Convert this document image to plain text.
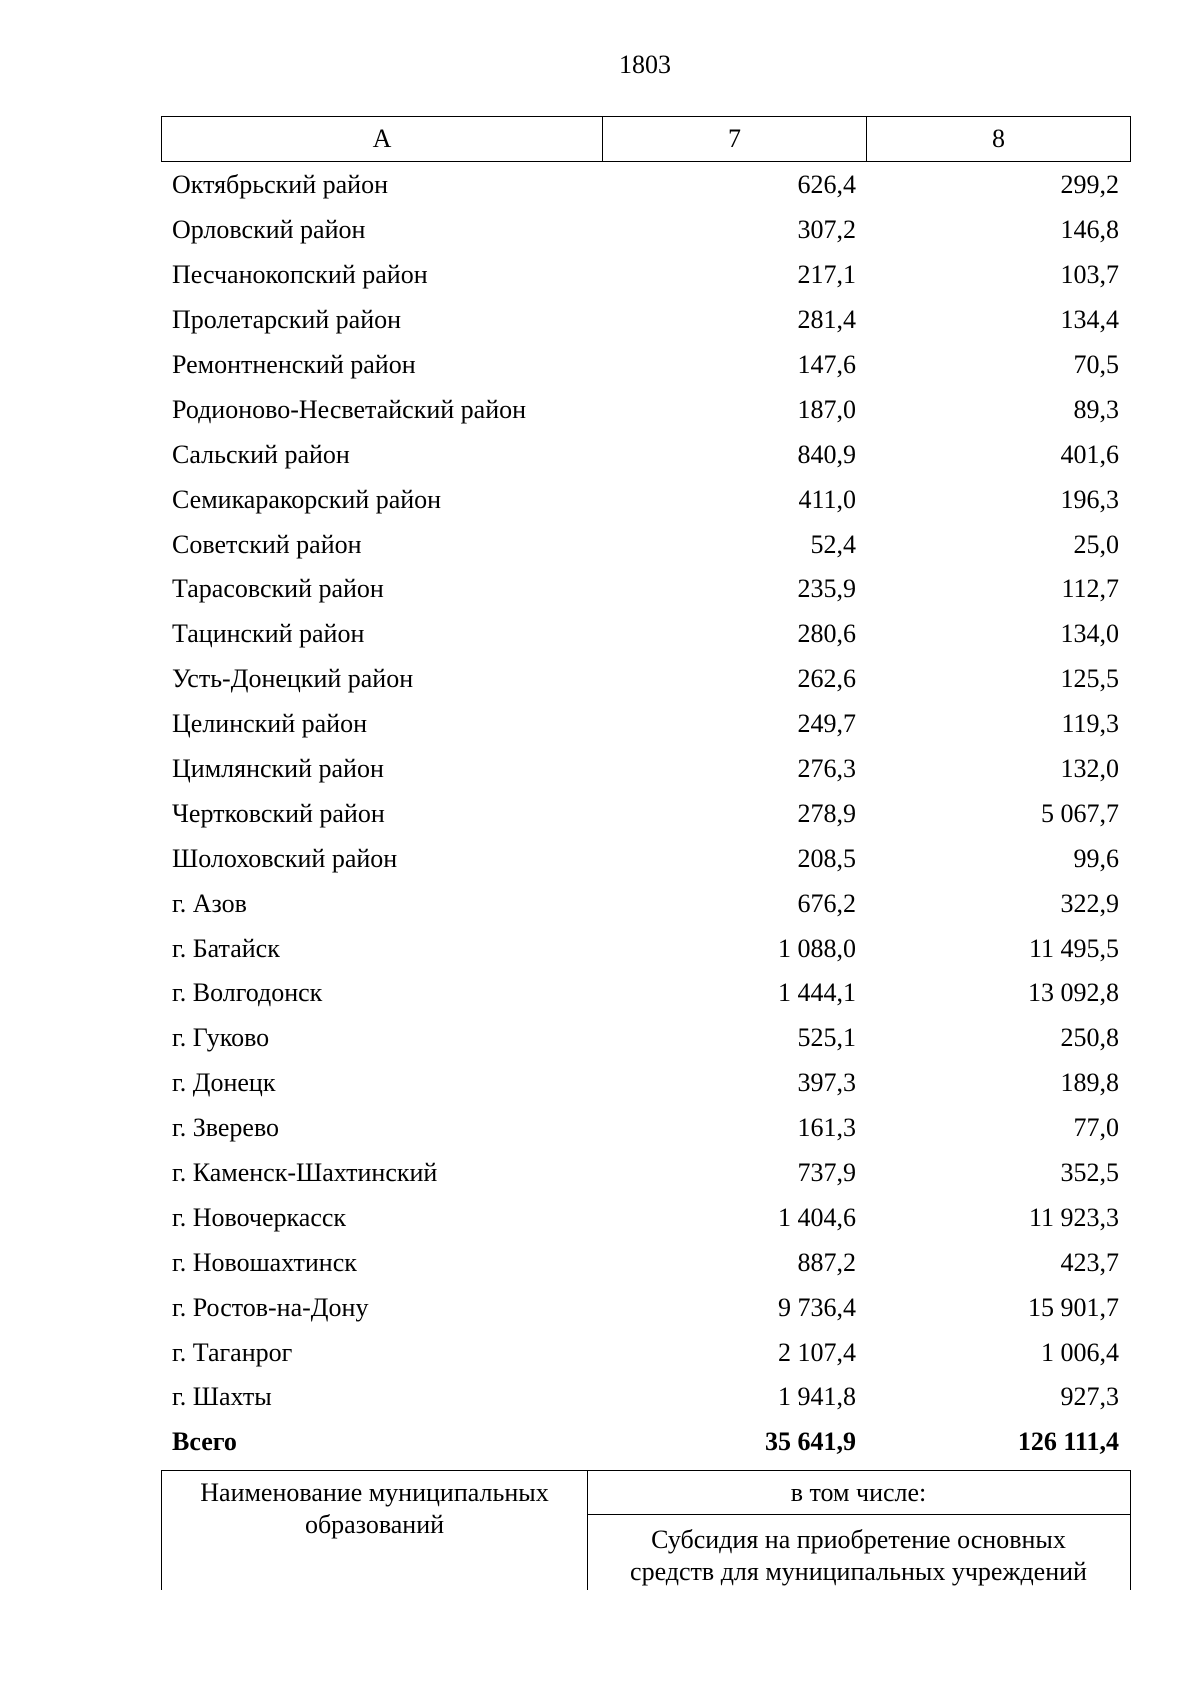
1803
А	7	8
Октябрьский район	626,4	299,2
Орловский район	307,2	146,8
Песчанокопский район	217,1	103,7
Пролетарский район	281,4	134,4
Ремонтненский район	147,6	70,5
Родионово-Несветайский район	187,0	89,3
Сальский район	840,9	401,6
Семикаракорский район	411,0	196,3
Советский район	52,4	25,0
Тарасовский район	235,9	112,7
Тацинский район	280,6	134,0
Усть-Донецкий район	262,6	125,5
Целинский район	249,7	119,3
Цимлянский район	276,3	132,0
Чертковский район	278,9	5 067,7
Шолоховский район	208,5	99,6
г. Азов	676,2	322,9
г. Батайск	1 088,0	11 495,5
г. Волгодонск	1 444,1	13 092,8
г. Гуково	525,1	250,8
г. Донецк	397,3	189,8
г. Зверево	161,3	77,0
г. Каменск-Шахтинский	737,9	352,5
г. Новочеркасск	1 404,6	11 923,3
г. Новошахтинск	887,2	423,7
г. Ростов-на-Дону	9 736,4	15 901,7
г. Таганрог	2 107,4	1 006,4
г. Шахты	1 941,8	927,3
Всего	35 641,9	126 111,4
Наименование муниципальных
образований
в том числе:
Субсидия на приобретение основных
средств для муниципальных учреждений
